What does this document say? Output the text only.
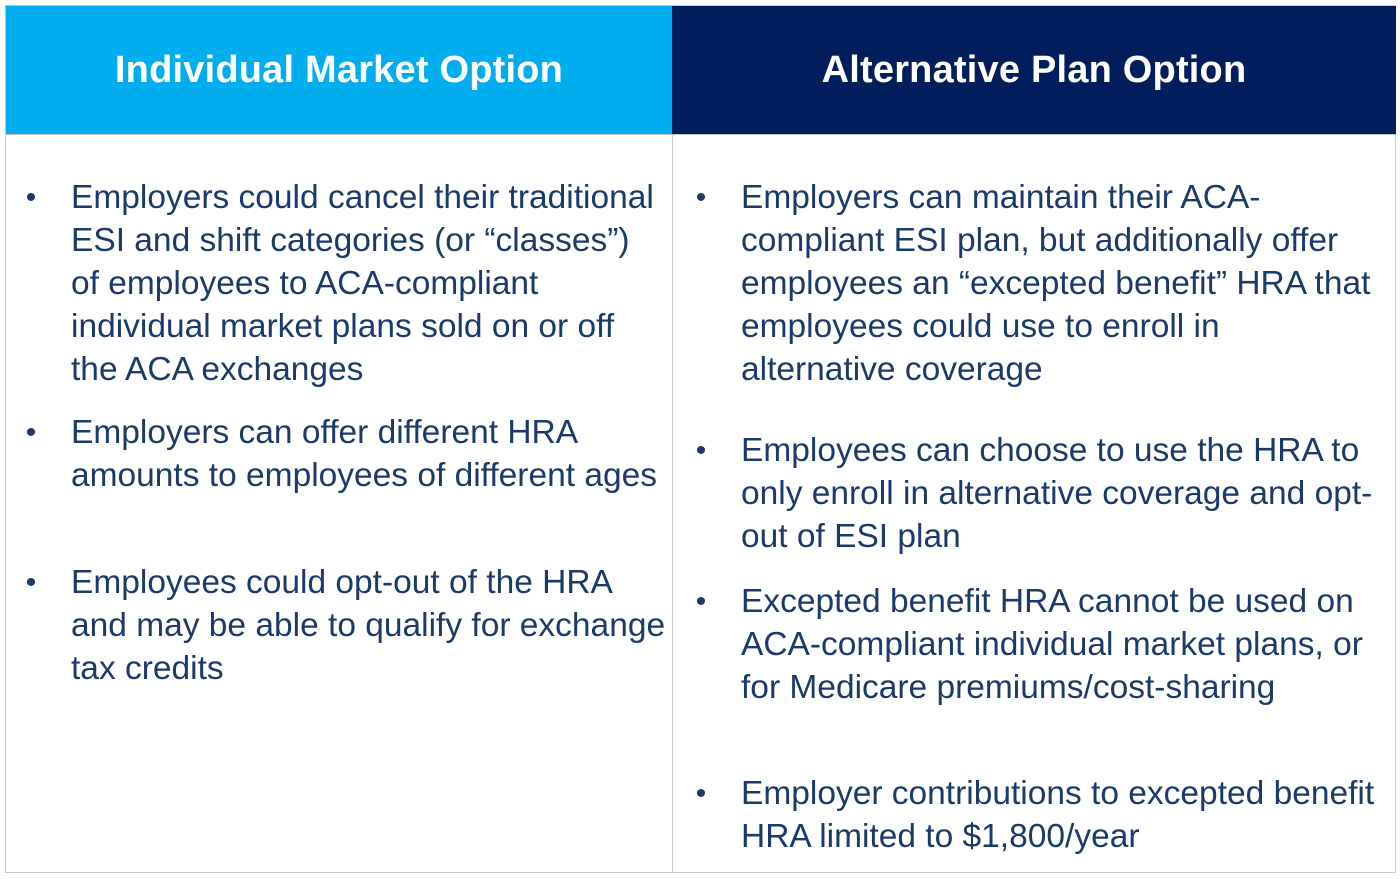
Individual Market Option	Alternative Plan Option
• Employers could cancel their traditional ESI and shift categories (or “classes”) of employees to ACA-compliant individual market plans sold on or off the ACA exchanges
• Employers can offer different HRA amounts to employees of different ages
• Employees could opt-out of the HRA and may be able to qualify for exchange tax credits
• Employers can maintain their ACA-compliant ESI plan, but additionally offer employees an “excepted benefit” HRA that employees could use to enroll in alternative coverage
• Employees can choose to use the HRA to only enroll in alternative coverage and opt-out of ESI plan
• Excepted benefit HRA cannot be used on ACA-compliant individual market plans, or for Medicare premiums/cost-sharing
• Employer contributions to excepted benefit HRA limited to $1,800/year
